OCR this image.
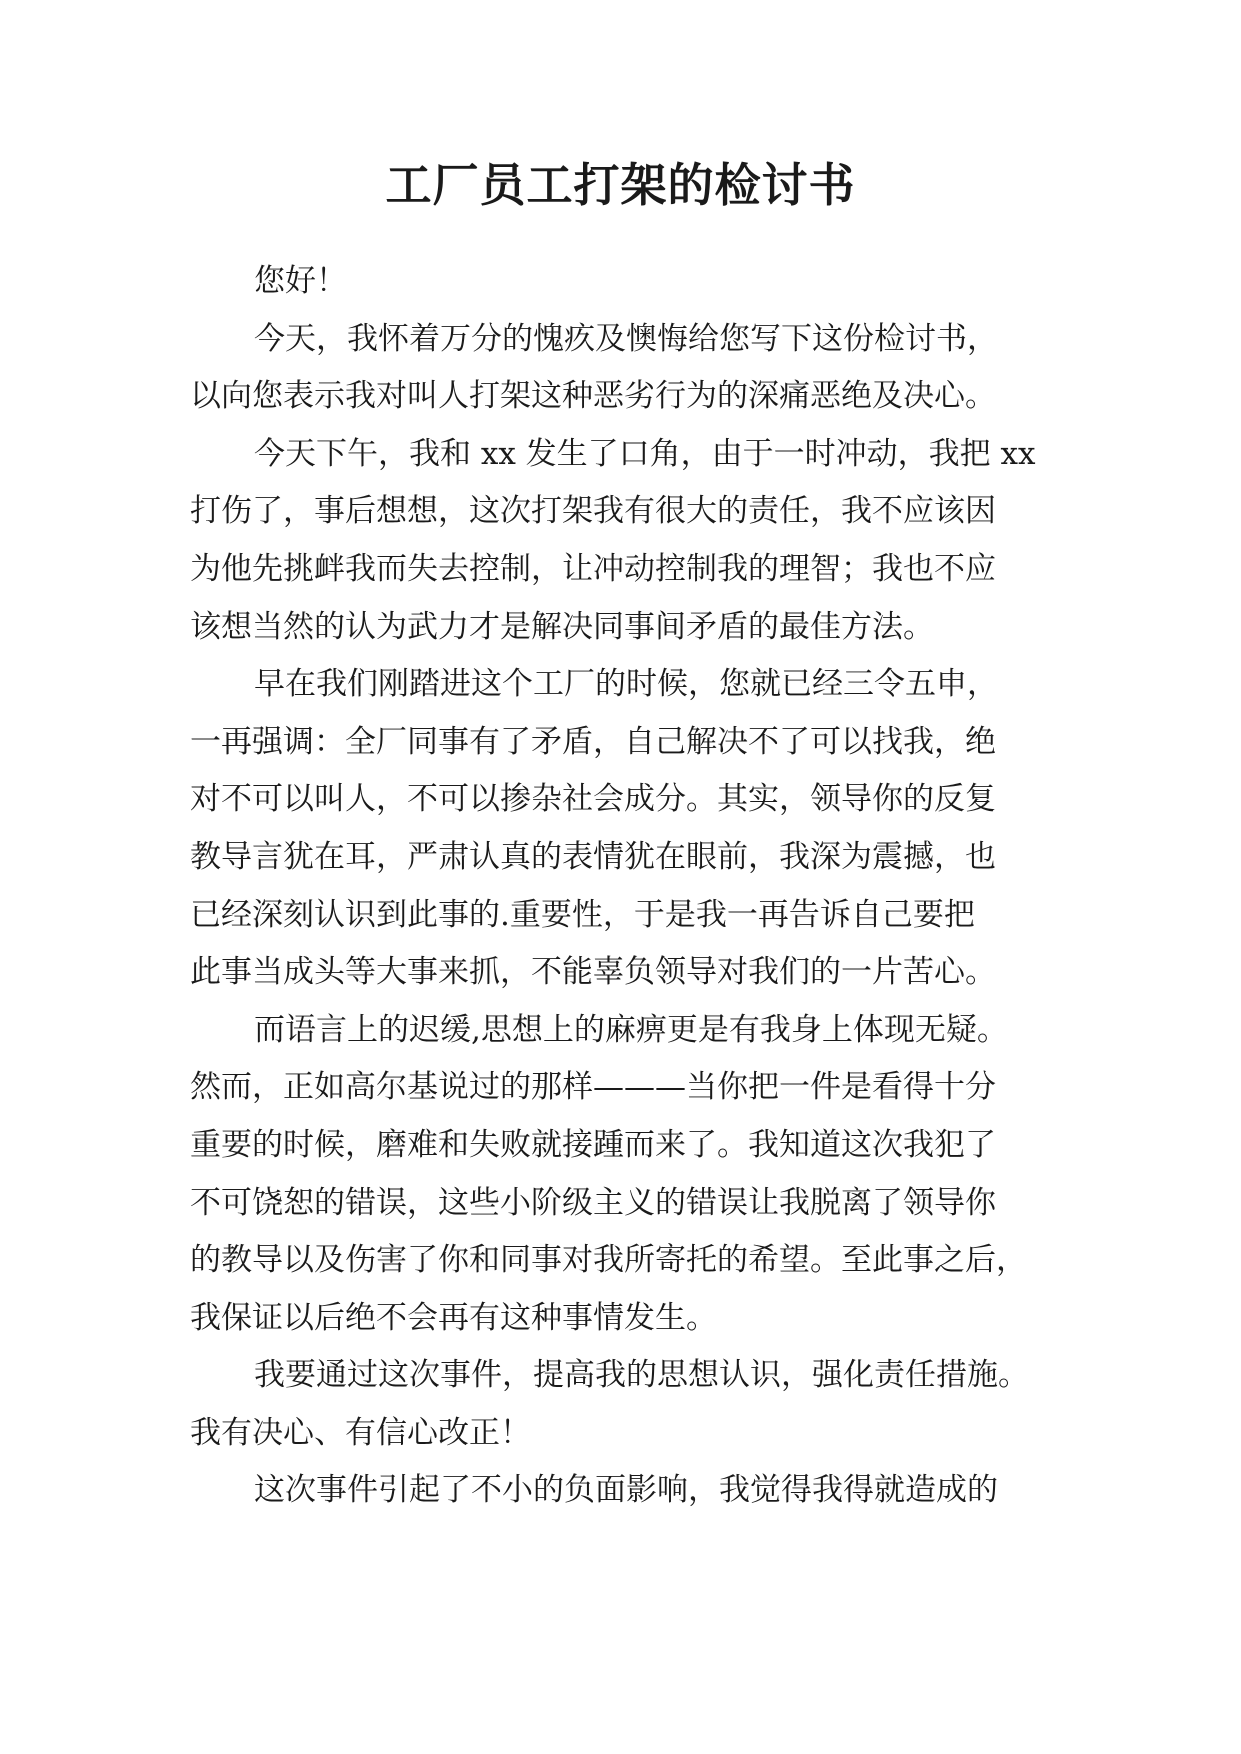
工厂员工打架的检讨书
您好！
今天，我怀着万分的愧疚及懊悔给您写下这份检讨书，
以向您表示我对叫人打架这种恶劣行为的深痛恶绝及决心。
今天下午，我和 xx 发生了口角，由于一时冲动，我把 xx
打伤了，事后想想，这次打架我有很大的责任，我不应该因
为他先挑衅我而失去控制，让冲动控制我的理智；我也不应
该想当然的认为武力才是解决同事间矛盾的最佳方法。
早在我们刚踏进这个工厂的时候，您就已经三令五申，
一再强调：全厂同事有了矛盾，自己解决不了可以找我，绝
对不可以叫人，不可以掺杂社会成分。其实，领导你的反复
教导言犹在耳，严肃认真的表情犹在眼前，我深为震撼，也
已经深刻认识到此事的.重要性，于是我一再告诉自己要把
此事当成头等大事来抓，不能辜负领导对我们的一片苦心。
而语言上的迟缓,思想上的麻痹更是有我身上体现无疑。
然而，正如高尔基说过的那样———当你把一件是看得十分
重要的时候，磨难和失败就接踵而来了。我知道这次我犯了
不可饶恕的错误，这些小阶级主义的错误让我脱离了领导你
的教导以及伤害了你和同事对我所寄托的希望。至此事之后，
我保证以后绝不会再有这种事情发生。
我要通过这次事件，提高我的思想认识，强化责任措施。
我有决心、有信心改正！
这次事件引起了不小的负面影响，我觉得我得就造成的
